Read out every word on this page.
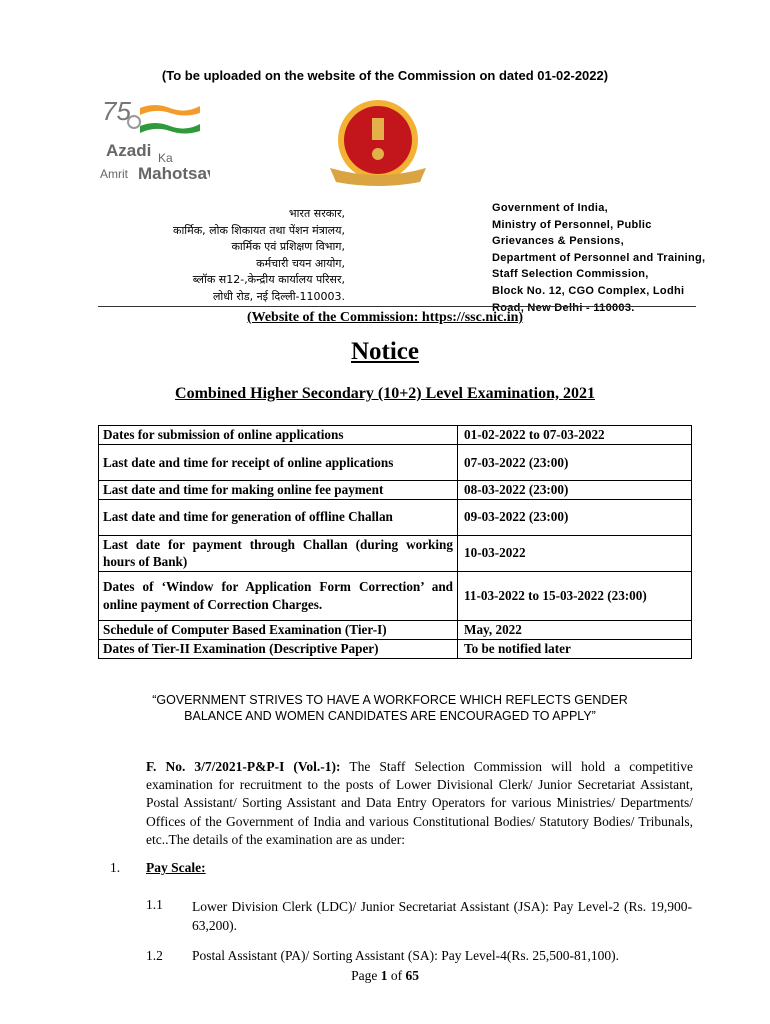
(To be uploaded on the website of the Commission on dated 01-02-2022)
75
Azadi Ka
Amrit Mahotsav
भारत सरकार,
कार्मिक, लोक शिकायत तथा पेंशन मंत्रालय,
कार्मिक एवं प्रशिक्षण विभाग,
कर्मचारी चयन आयोग,
ब्लॉक स12-,केन्द्रीय कार्यालय परिसर,
लोधी रोड, नई दिल्ली-110003.
Government of India,
Ministry of Personnel, Public
Grievances & Pensions,
Department of Personnel and Training,
Staff Selection Commission,
Block No. 12, CGO Complex, Lodhi
Road, New Delhi - 110003.
(Website of the Commission: https://ssc.nic.in)
Notice
Combined Higher Secondary (10+2) Level Examination, 2021
Dates for submission of online applications	01-02-2022 to 07-03-2022
Last date and time for receipt of online applications	07-03-2022 (23:00)
Last date and time for making online fee payment	08-03-2022 (23:00)
Last date and time for generation of offline Challan	09-03-2022 (23:00)
Last date for payment through Challan (during working hours of Bank)	10-03-2022
Dates of ‘Window for Application Form Correction’ and online payment of Correction Charges.	11-03-2022 to 15-03-2022 (23:00)
Schedule of Computer Based Examination (Tier-I)	May, 2022
Dates of Tier-II Examination (Descriptive Paper)	To be notified later
“GOVERNMENT STRIVES TO HAVE A WORKFORCE WHICH REFLECTS GENDER BALANCE AND WOMEN CANDIDATES ARE ENCOURAGED TO APPLY”
F. No. 3/7/2021-P&P-I (Vol.-1): The Staff Selection Commission will hold a competitive examination for recruitment to the posts of Lower Divisional Clerk/ Junior Secretariat Assistant, Postal Assistant/ Sorting Assistant and Data Entry Operators for various Ministries/ Departments/ Offices of the Government of India and various Constitutional Bodies/ Statutory Bodies/ Tribunals, etc..The details of the examination are as under:
1. Pay Scale:
1.1 Lower Division Clerk (LDC)/ Junior Secretariat Assistant (JSA): Pay Level-2 (Rs. 19,900-63,200).
1.2 Postal Assistant (PA)/ Sorting Assistant (SA): Pay Level-4(Rs. 25,500-81,100).
Page 1 of 65
